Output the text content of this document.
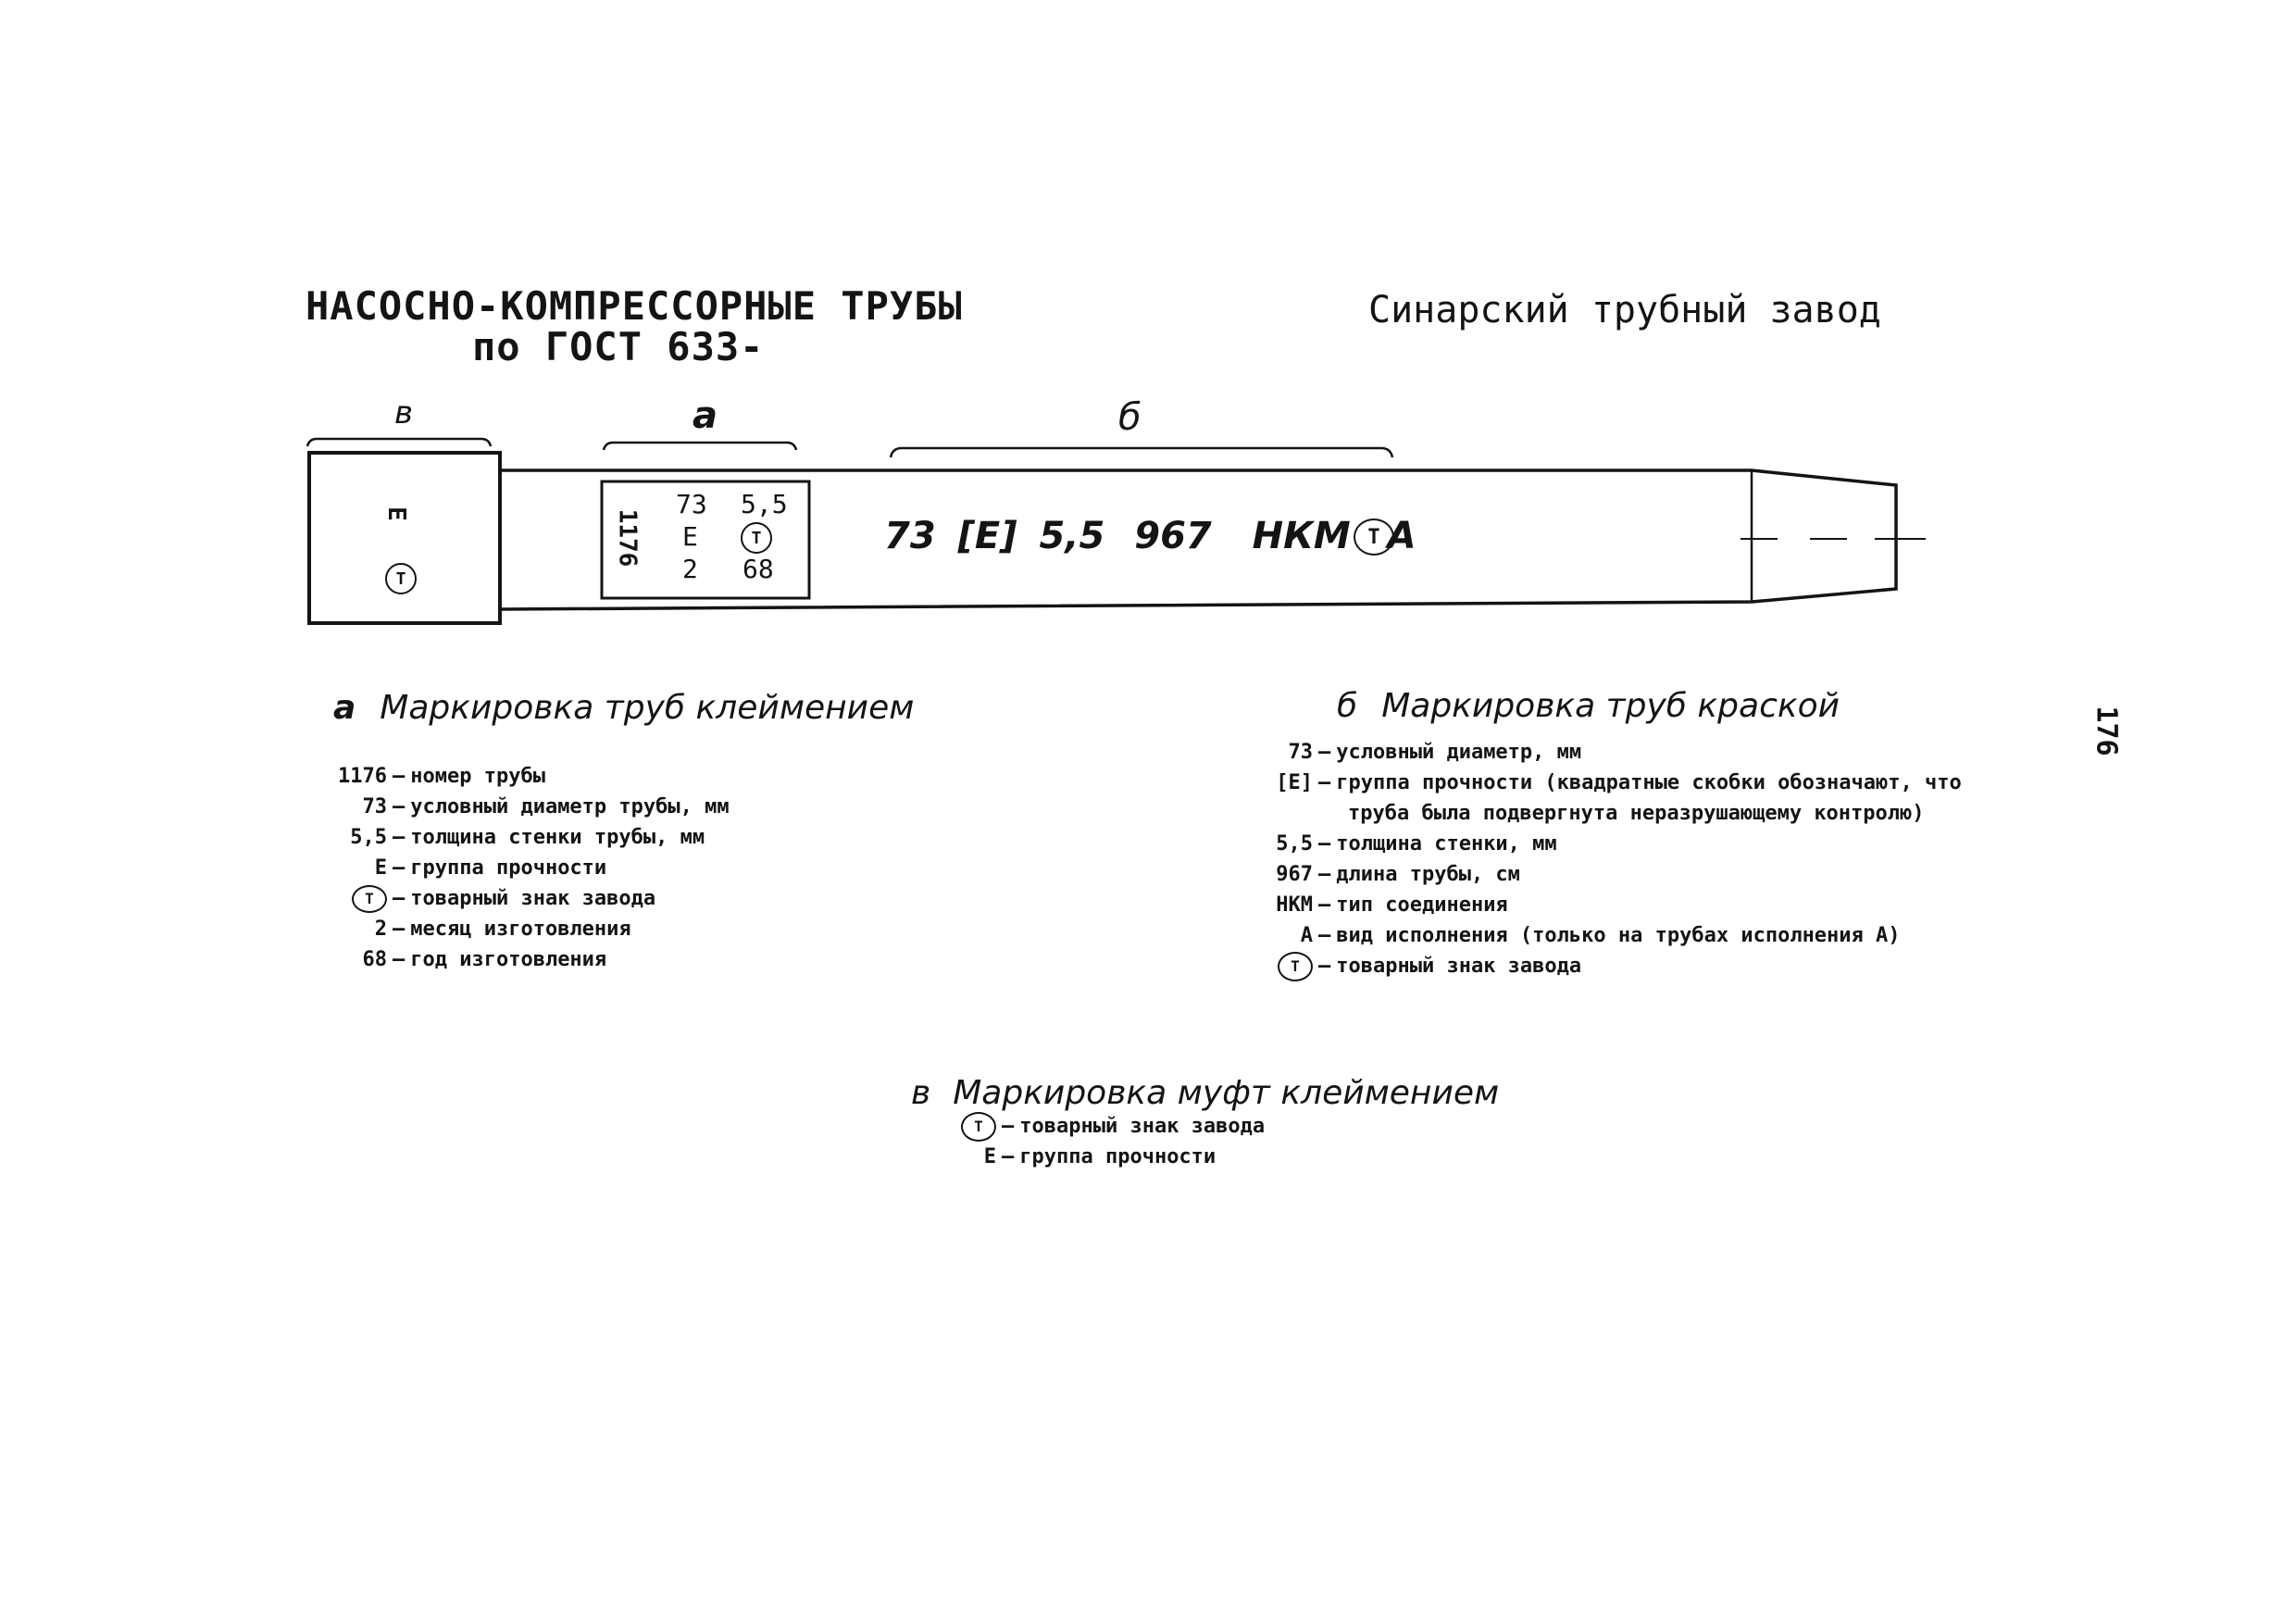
НАСОСНО-КОМПРЕССОРНЫЕ ТРУБЫ
по ГОСТ 633-
Синарский трубный завод
в	а	б
Е
Т
1176
73
Е
2
5,5
Т
68
73 [Е] 5,5 967 НКМ А
Т
а Маркировка труб клеймением
1176 – номер трубы
73 – условный диаметр трубы, мм
5,5 – толщина стенки трубы, мм
Е – группа прочности
Т – товарный знак завода
2 – месяц изготовления
68 – год изготовления
б Маркировка труб краской
73 – условный диаметр, мм
[Е] – группа прочности (квадратные скобки обозначают, что
труба была подвергнута неразрушающему контролю)
5,5 – толщина стенки, мм
967 – длина трубы, см
НКМ – тип соединения
А – вид исполнения (только на трубах исполнения А)
Т – товарный знак завода
в Маркировка муфт клеймением
Т – товарный знак завода
Е – группа прочности
176
